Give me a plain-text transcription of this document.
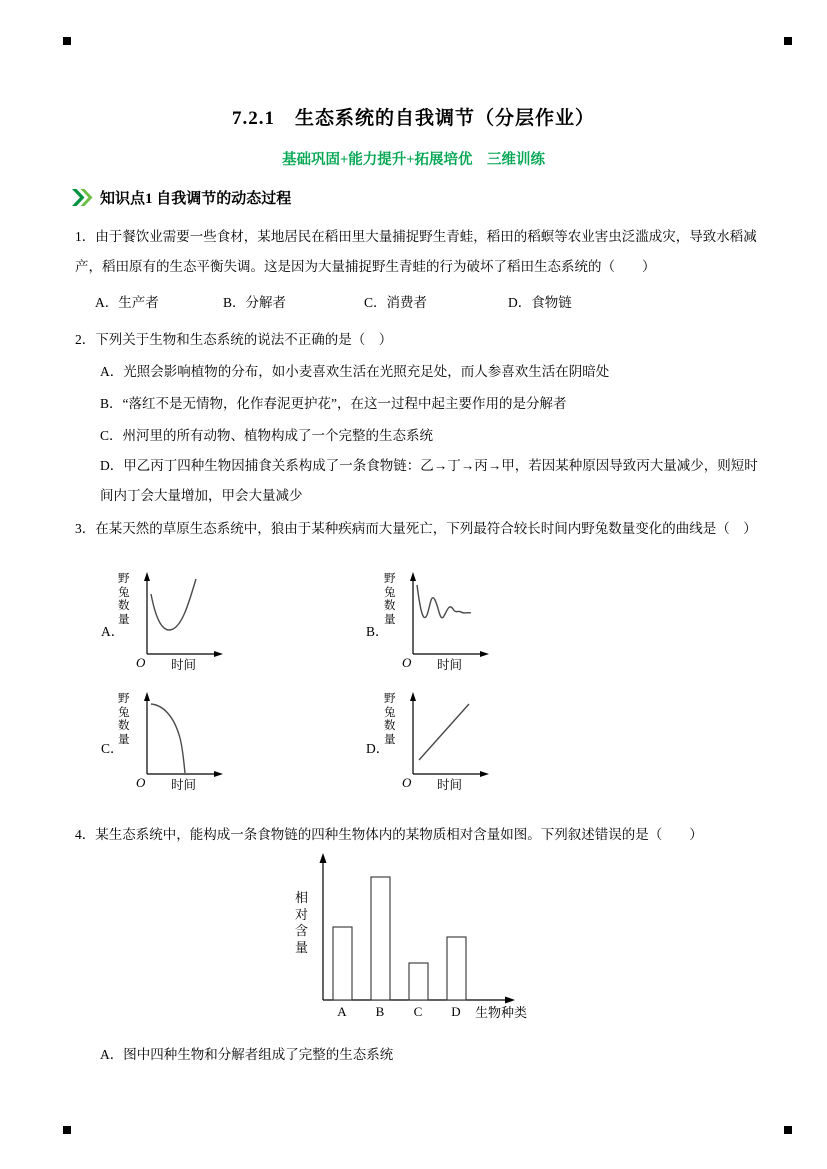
7.2.1　生态系统的自我调节（分层作业）
基础巩固+能力提升+拓展培优　三维训练
知识点1 自我调节的动态过程
1．由于餐饮业需要一些食材，某地居民在稻田里大量捕捉野生青蛙，稻田的稻螟等农业害虫泛滥成灾，导致水稻减产，稻田原有的生态平衡失调。这是因为大量捕捉野生青蛙的行为破坏了稻田生态系统的（　　）
A．生产者	B．分解者	C．消费者	D．食物链
2．下列关于生物和生态系统的说法不正确的是（　）
A．光照会影响植物的分布，如小麦喜欢生活在光照充足处，而人参喜欢生活在阴暗处
B．“落红不是无情物，化作春泥更护花”，在这一过程中起主要作用的是分解者
C．州河里的所有动物、植物构成了一个完整的生态系统
D．甲乙丙丁四种生物因捕食关系构成了一条食物链：乙→丁→丙→甲，若因某种原因导致丙大量减少，则短时间内丁会大量增加，甲会大量减少
3．在某天然的草原生态系统中，狼由于某种疾病而大量死亡，下列最符合较长时间内野兔数量变化的曲线是（　）
A．	B．
C．	D．
野
兔
数
量
O 时间
野
兔
数
量
O 时间
野
兔
数
量
O 时间
野
兔
数
量
O 时间
4．某生态系统中，能构成一条食物链的四种生物体内的某物质相对含量如图。下列叙述错误的是（　　）
相
对
含
量
A B C D 生物种类
A．图中四种生物和分解者组成了完整的生态系统
